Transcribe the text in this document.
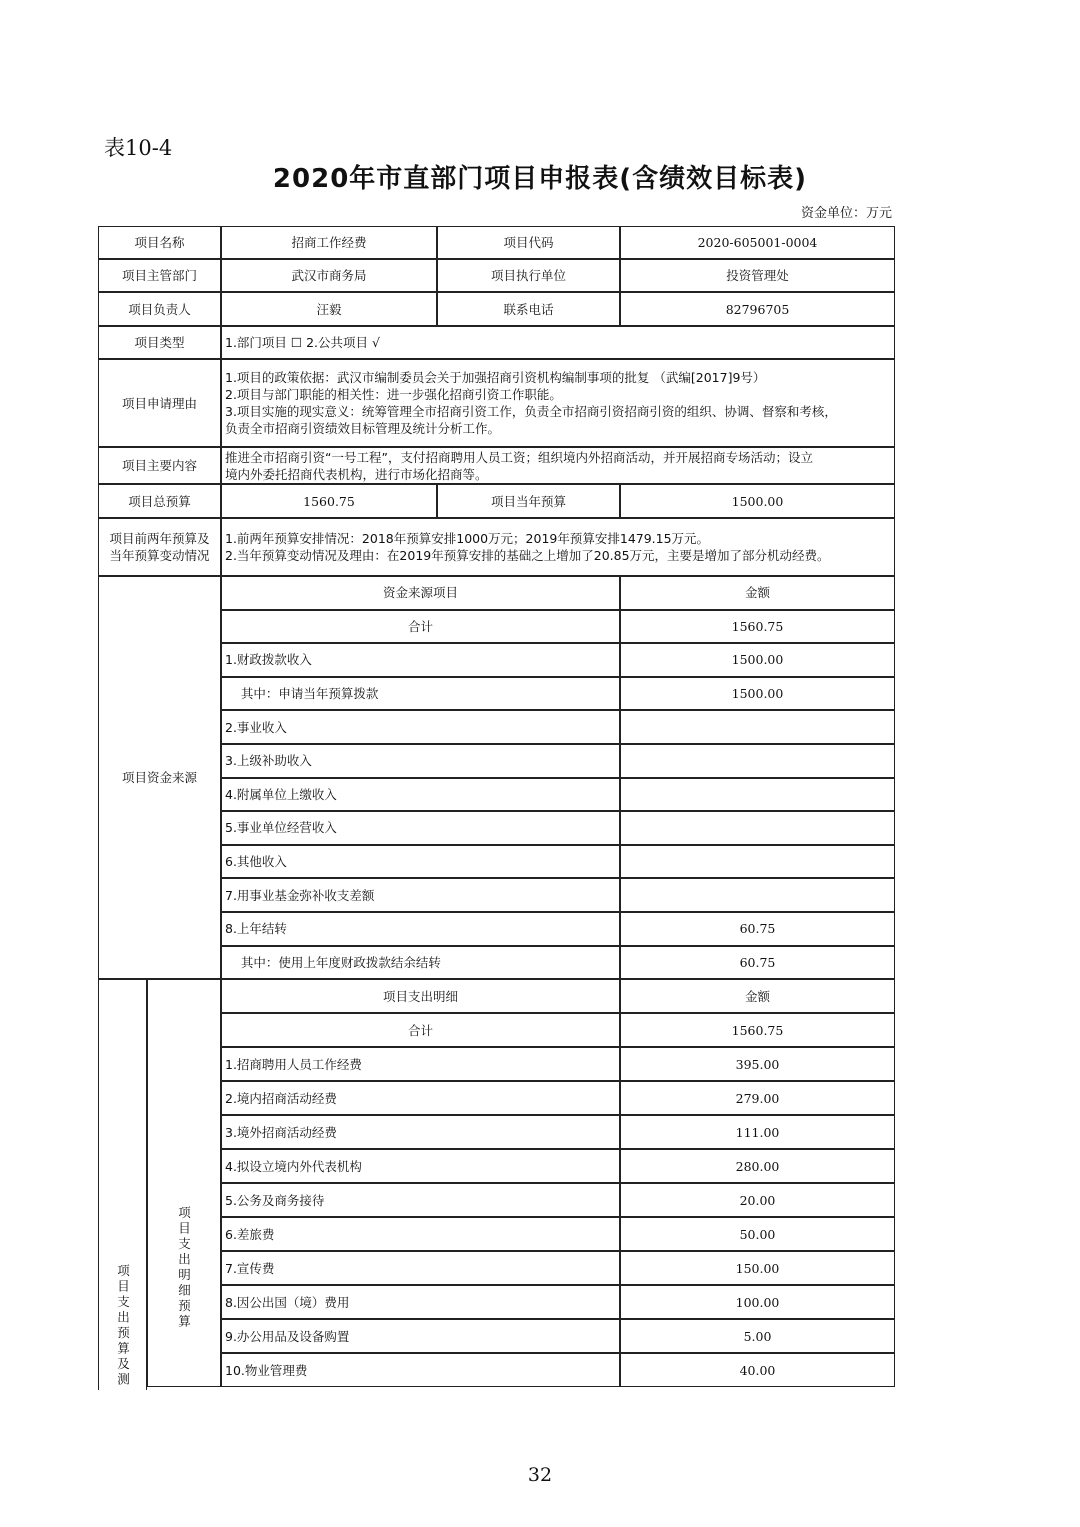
表10-4
2020年市直部门项目申报表(含绩效目标表)
资金单位：万元
项目名称	招商工作经费	项目代码	2020-605001-0004
项目主管部门	武汉市商务局	项目执行单位	投资管理处
项目负责人	汪毅	联系电话	82796705
项目类型	1.部门项目 ☐ 2.公共项目 √
项目申请理由
1.项目的政策依据：武汉市编制委员会关于加强招商引资机构编制事项的批复 （武编[2017]9号）
2.项目与部门职能的相关性：进一步强化招商引资工作职能。
3.项目实施的现实意义：统筹管理全市招商引资工作，负责全市招商引资招商引资的组织、协调、督察和考核，
负责全市招商引资绩效目标管理及统计分析工作。
项目主要内容
推进全市招商引资“一号工程”，支付招商聘用人员工资；组织境内外招商活动，并开展招商专场活动；设立
境内外委托招商代表机构，进行市场化招商等。
项目总预算	1560.75	项目当年预算	1500.00
项目前两年预算及
当年预算变动情况
1.前两年预算安排情况：2018年预算安排1000万元；2019年预算安排1479.15万元。
2.当年预算变动情况及理由：在2019年预算安排的基础之上增加了20.85万元，主要是增加了部分机动经费。
项目资金来源
资金来源项目	金额
合计	1560.75
1.财政拨款收入	1500.00
其中：申请当年预算拨款	1500.00
2.事业收入
3.上级补助收入
4.附属单位上缴收入
5.事业单位经营收入
6.其他收入
7.用事业基金弥补收支差额
8.上年结转	60.75
其中：使用上年度财政拨款结余结转	60.75
项目支出预算及测	项目支出明细预算
项目支出明细	金额
合计	1560.75
1.招商聘用人员工作经费	395.00
2.境内招商活动经费	279.00
3.境外招商活动经费	111.00
4.拟设立境内外代表机构	280.00
5.公务及商务接待	20.00
6.差旅费	50.00
7.宣传费	150.00
8.因公出国（境）费用	100.00
9.办公用品及设备购置	5.00
10.物业管理费	40.00
32
